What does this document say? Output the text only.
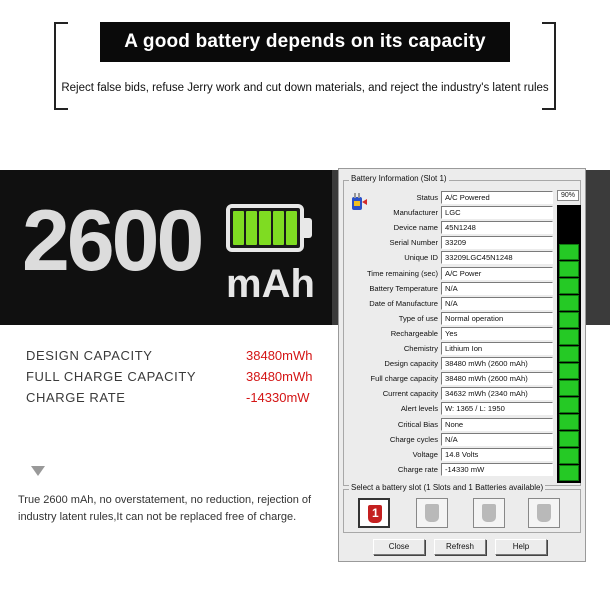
A good battery depends on its capacity
Reject false bids, refuse Jerry work and cut down materials, and reject the industry's latent rules
2600 mAh
DESIGN CAPACITY	38480mWh
FULL CHARGE CAPACITY	38480mWh
CHARGE RATE	-14330mW
True 2600 mAh, no overstatement, no reduction, rejection of industry latent rules,It can not be replaced free of charge.
Battery Information (Slot 1)
Status A/C Powered
Manufacturer LGC
Device name 45N1248
Serial Number 33209
Unique ID 33209LGC45N1248
Time remaining (sec) A/C Power
Battery Temperature N/A
Date of Manufacture N/A
Type of use Normal operation
Rechargeable Yes
Chemistry Lithium Ion
Design capacity 38480 mWh (2600 mAh)
Full charge capacity 38480 mWh (2600 mAh)
Current capacity 34632 mWh (2340 mAh)
Alert levels W: 1365 / L: 1950
Critical Bias None
Charge cycles N/A
Voltage 14.8 Volts
Charge rate -14330 mW
90%
Select a battery slot (1 Slots and 1 Batteries available)
1
Close	Refresh	Help
